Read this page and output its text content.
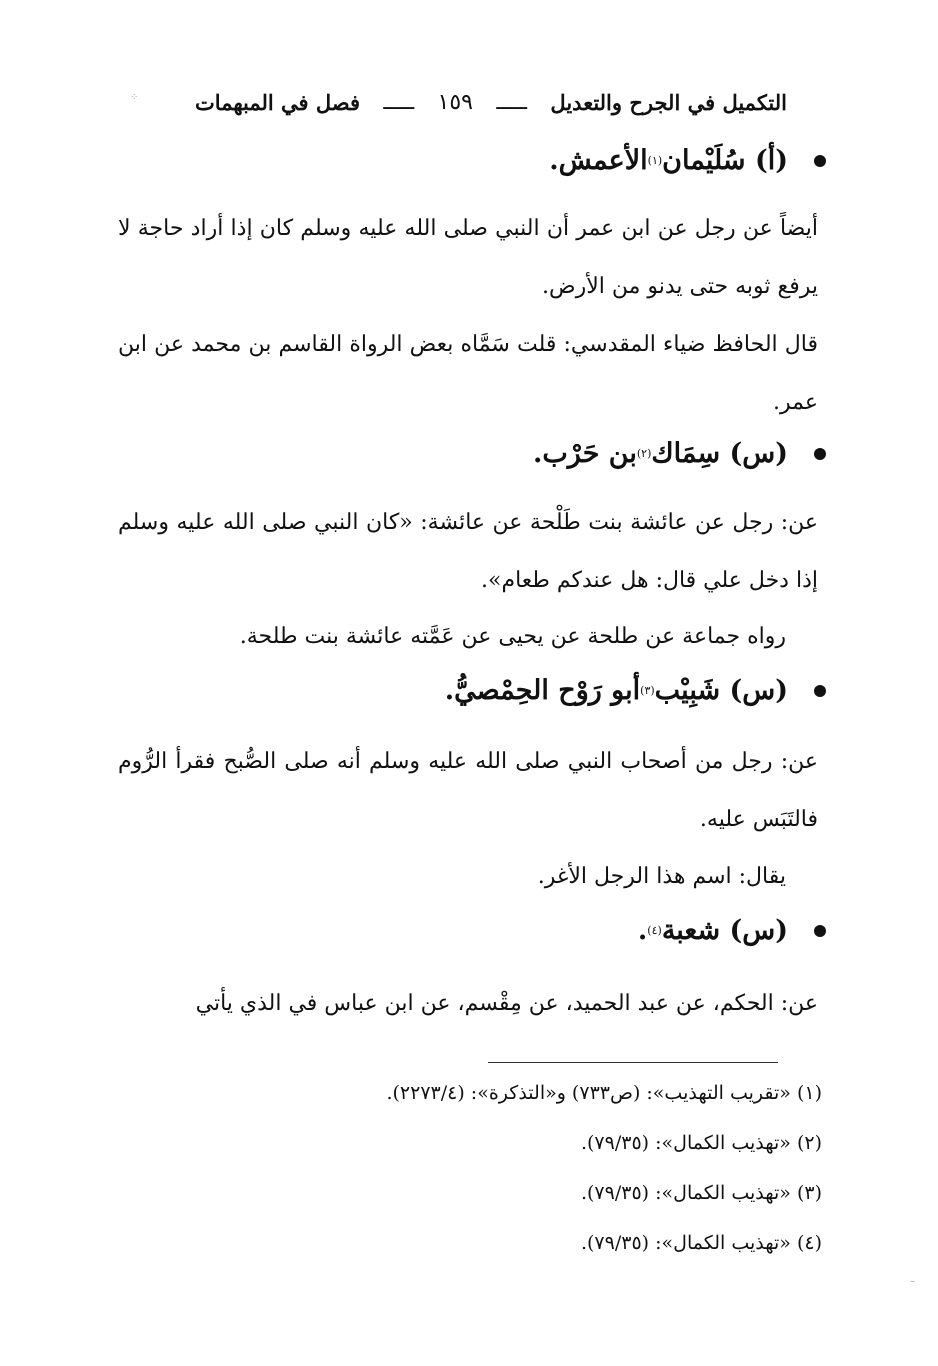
التكميل في الجرح والتعديل
ـــــ
١٥٩
ـــــ
فصل في المبهمات
(أ) سُلَيْمان
(١)
الأعمش.
أيضاً عن رجل عن ابن عمر أن النبي صلى الله عليه وسلم كان إذا أراد حاجة لا يرفع ثوبه حتى يدنو من الأرض.
قال الحافظ ضياء المقدسي: قلت سَمَّاه بعض الرواة القاسم بن محمد عن ابن عمر.
(س) سِمَاك
(٢)
بن حَرْب.
عن: رجل عن عائشة بنت طَلْحة عن عائشة: «كان النبي صلى الله عليه وسلم إذا دخل علي قال: هل عندكم طعام».
رواه جماعة عن طلحة عن يحيى عن عَمَّته عائشة بنت طلحة.
(س) شَبِيْب
(٣)
أبو رَوْح الحِمْصيُّ.
عن: رجل من أصحاب النبي صلى الله عليه وسلم أنه صلى الصُّبح فقرأ الرُّوم فالتَبَس عليه.
يقال: اسم هذا الرجل الأغر.
(س) شعبة
(٤)
.
عن: الحكم، عن عبد الحميد، عن مِقْسم، عن ابن عباس في الذي يأتي
(١) «تقريب التهذيب»: (ص٧٣٣) و«التذكرة»: (٢٢٧٣/٤).
(٢) «تهذيب الكمال»: (٧٩/٣٥).
(٣) «تهذيب الكمال»: (٧٩/٣٥).
(٤) «تهذيب الكمال»: (٧٩/٣٥).
⁘
–
